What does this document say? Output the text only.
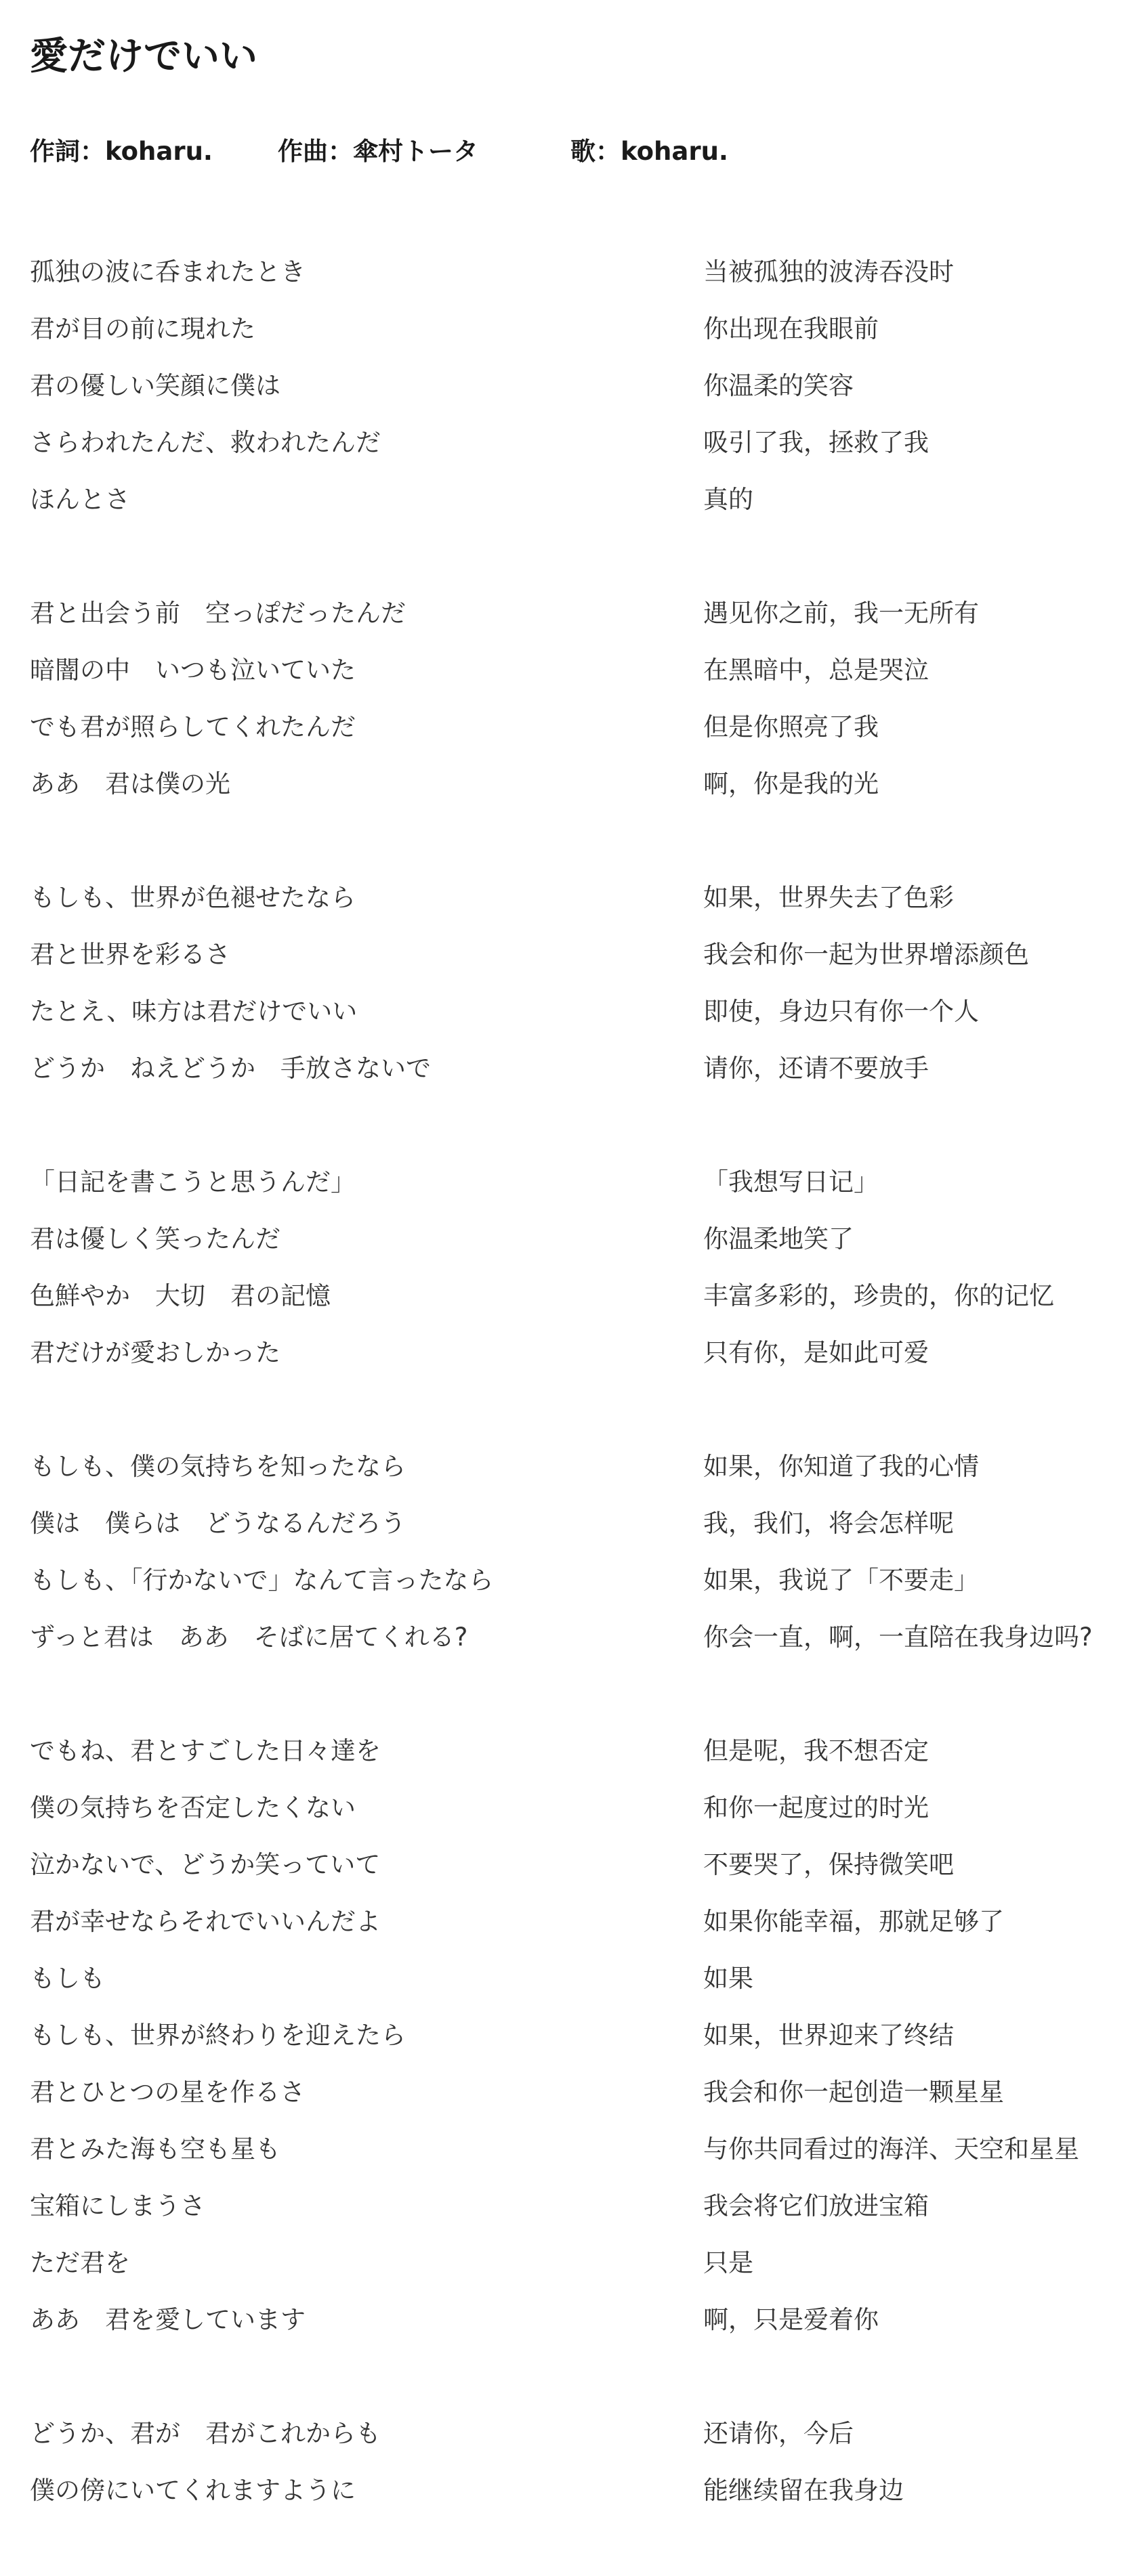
愛だけでいい
作詞：koharu.	作曲：傘村トータ	歌：koharu.
孤独の波に呑まれたとき	当被孤独的波涛吞没时
君が目の前に現れた	你出现在我眼前
君の優しい笑顔に僕は	你温柔的笑容
さらわれたんだ、救われたんだ	吸引了我，拯救了我
ほんとさ	真的
君と出会う前　空っぽだったんだ	遇见你之前，我一无所有
暗闇の中　いつも泣いていた	在黑暗中，总是哭泣
でも君が照らしてくれたんだ	但是你照亮了我
ああ　君は僕の光	啊，你是我的光
もしも、世界が色褪せたなら	如果，世界失去了色彩
君と世界を彩るさ	我会和你一起为世界增添颜色
たとえ、味方は君だけでいい	即使，身边只有你一个人
どうか　ねえどうか　手放さないで	请你，还请不要放手
「日記を書こうと思うんだ」	「我想写日记」
君は優しく笑ったんだ	你温柔地笑了
色鮮やか　大切　君の記憶	丰富多彩的，珍贵的，你的记忆
君だけが愛おしかった	只有你，是如此可爱
もしも、僕の気持ちを知ったなら	如果，你知道了我的心情
僕は　僕らは　どうなるんだろう	我，我们，将会怎样呢
もしも、「行かないで」なんて言ったなら	如果，我说了「不要走」
ずっと君は　ああ　そばに居てくれる?	你会一直，啊，一直陪在我身边吗?
でもね、君とすごした日々達を	但是呢，我不想否定
僕の気持ちを否定したくない	和你一起度过的时光
泣かないで、どうか笑っていて	不要哭了，保持微笑吧
君が幸せならそれでいいんだよ	如果你能幸福，那就足够了
もしも	如果
もしも、世界が終わりを迎えたら	如果，世界迎来了终结
君とひとつの星を作るさ	我会和你一起创造一颗星星
君とみた海も空も星も	与你共同看过的海洋、天空和星星
宝箱にしまうさ	我会将它们放进宝箱
ただ君を	只是
ああ　君を愛しています	啊，只是爱着你
どうか、君が　君がこれからも	还请你，今后
僕の傍にいてくれますように	能继续留在我身边
